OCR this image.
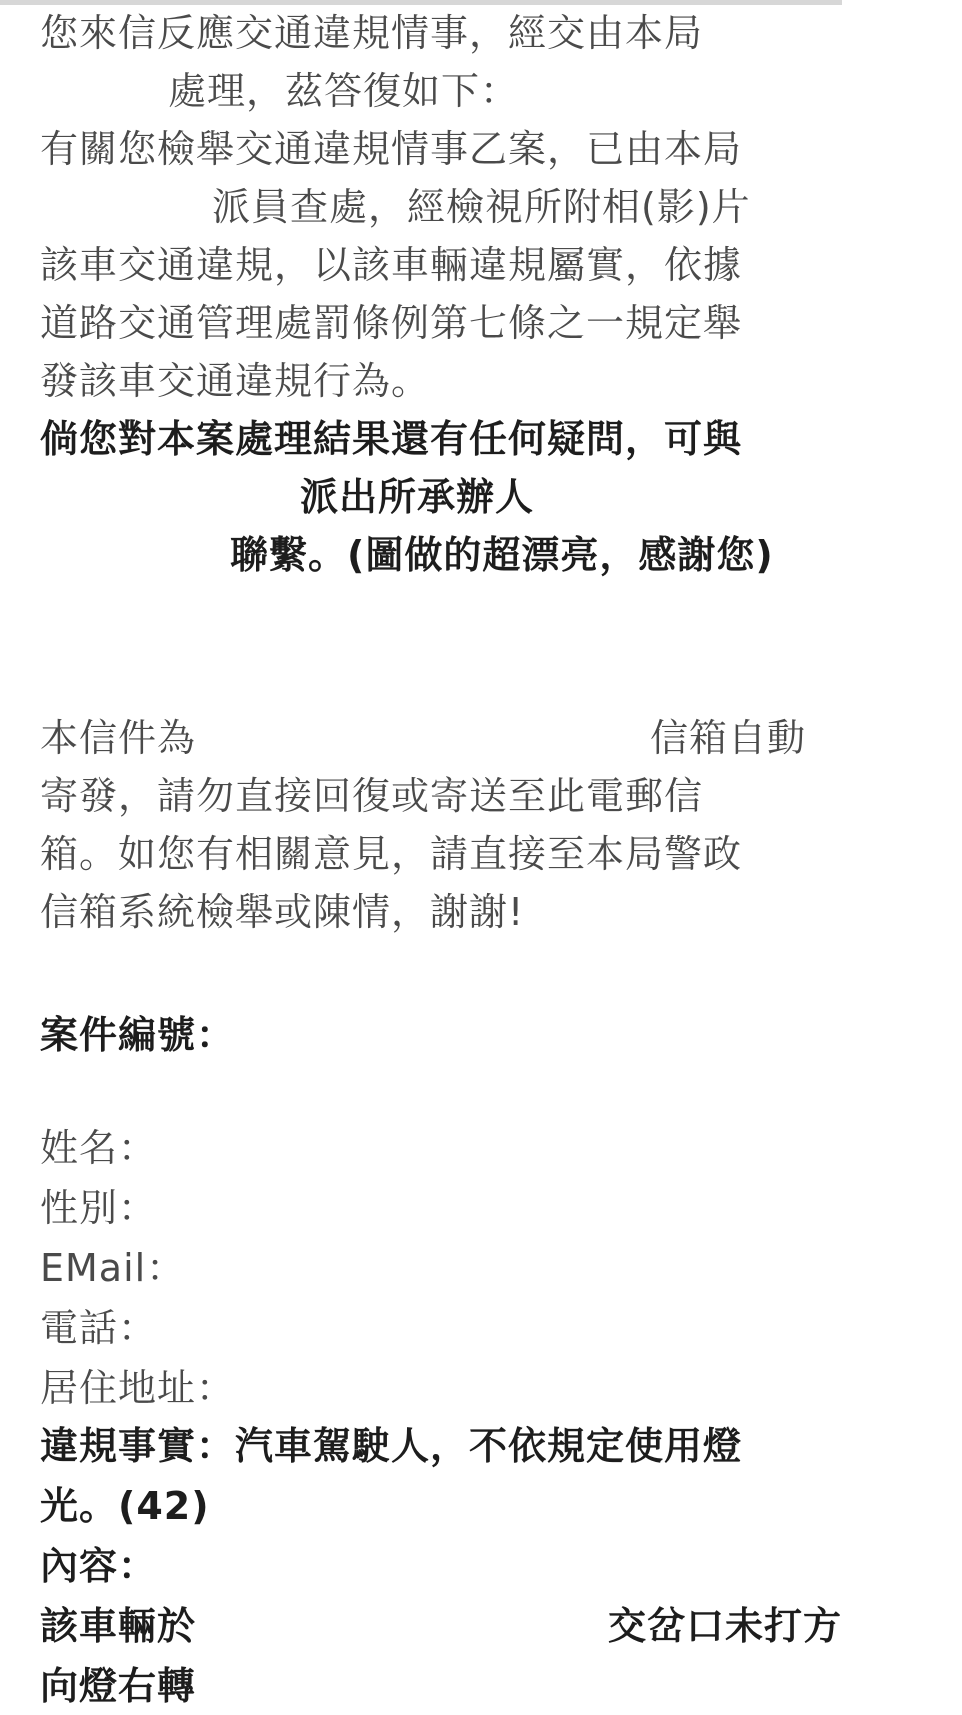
您來信反應交通違規情事，經交由本局
處理，茲答復如下：
有關您檢舉交通違規情事乙案，已由本局
派員查處，經檢視所附相(影)片
該車交通違規，以該車輛違規屬實，依據
道路交通管理處罰條例第七條之一規定舉
發該車交通違規行為。
倘您對本案處理結果還有任何疑問，可與
派出所承辦人
聯繫。(圖做的超漂亮，感謝您)
本信件為	信箱自動
寄發，請勿直接回復或寄送至此電郵信
箱。如您有相關意見，請直接至本局警政
信箱系統檢舉或陳情，謝謝!
案件編號：
姓名：
性別：
EMail：
電話：
居住地址：
違規事實：汽車駕駛人，不依規定使用燈
光。(42)
內容：
該車輛於	交岔口未打方
向燈右轉
